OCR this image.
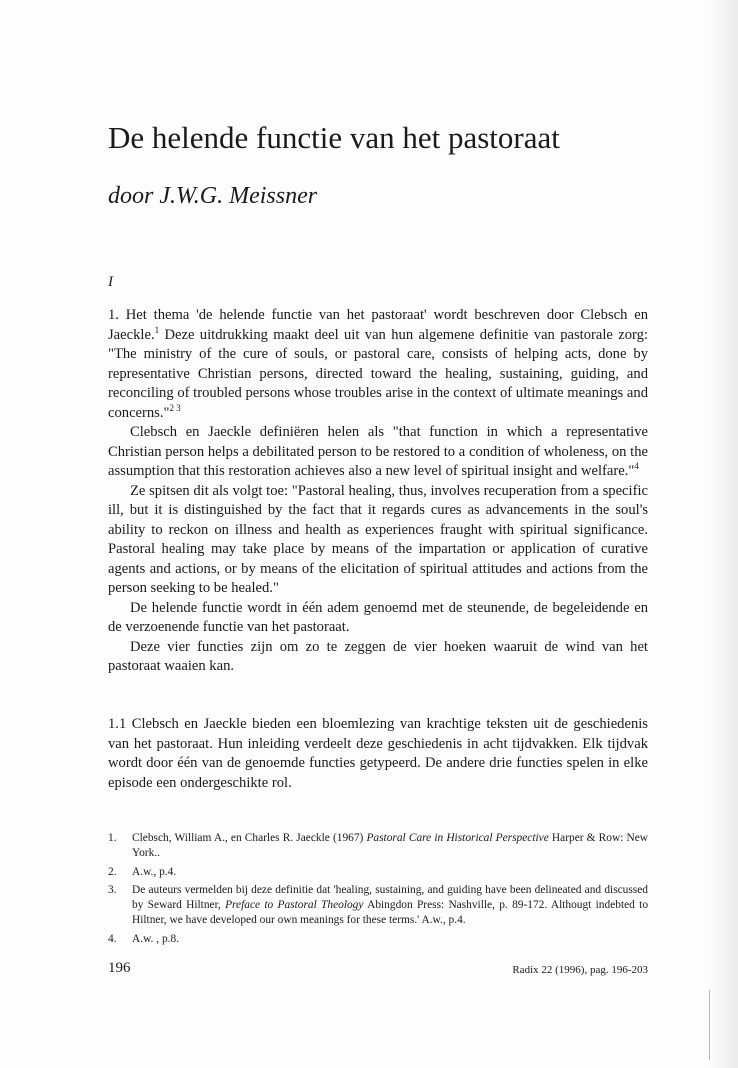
De helende functie van het pastoraat
door J.W.G. Meissner
I

1. Het thema 'de helende functie van het pastoraat' wordt beschreven door Clebsch en Jaeckle.$^1$ Deze uitdrukking maakt deel uit van hun algemene definitie van pastorale zorg: "The ministry of the cure of souls, or pastoral care, consists of helping acts, done by representative Christian persons, directed toward the healing, sustaining, guiding, and reconciling of troubled persons whose troubles arise in the context of ultimate meanings and concerns."$^{2 3}$

Clebsch en Jaeckle definiëren helen als "that function in which a representative Christian person helps a debilitated person to be restored to a condition of wholeness, on the assumption that this restoration achieves also a new level of spiritual insight and welfare."$^4$

Ze spitsen dit als volgt toe: "Pastoral healing, thus, involves recuperation from a specific ill, but it is distinguished by the fact that it regards cures as advancements in the soul's ability to reckon on illness and health as experiences fraught with spiritual significance. Pastoral healing may take place by means of the impartation or application of curative agents and actions, or by means of the elicitation of spiritual attitudes and actions from the person seeking to be healed."

De helende functie wordt in één adem genoemd met de steunende, de begeleidende en de verzoenende functie van het pastoraat.

Deze vier functies zijn om zo te zeggen de vier hoeken waaruit de wind van het pastoraat waaien kan.

1.1 Clebsch en Jaeckle bieden een bloemlezing van krachtige teksten uit de geschiedenis van het pastoraat. Hun inleiding verdeelt deze geschiedenis in acht tijdvakken. Elk tijdvak wordt door één van de genoemde functies getypeerd. De andere drie functies spelen in elke episode een ondergeschikte rol.

1.	Clebsch, William A., en Charles R. Jaeckle (1967) Pastoral Care in Historical Perspective Harper & Row: New York..
2.	A.w., p.4.
3.	De auteurs vermelden bij deze definitie dat 'healing, sustaining, and guiding have been delineated and discussed by Seward Hiltner, Preface to Pastoral Theology Abingdon Press: Nashville, p. 89-172. Althougt indebted to Hiltner, we have developed our own meanings for these terms.' A.w., p.4.
4.	A.w. , p.8.
196	Radix 22 (1996), pag. 196-203
